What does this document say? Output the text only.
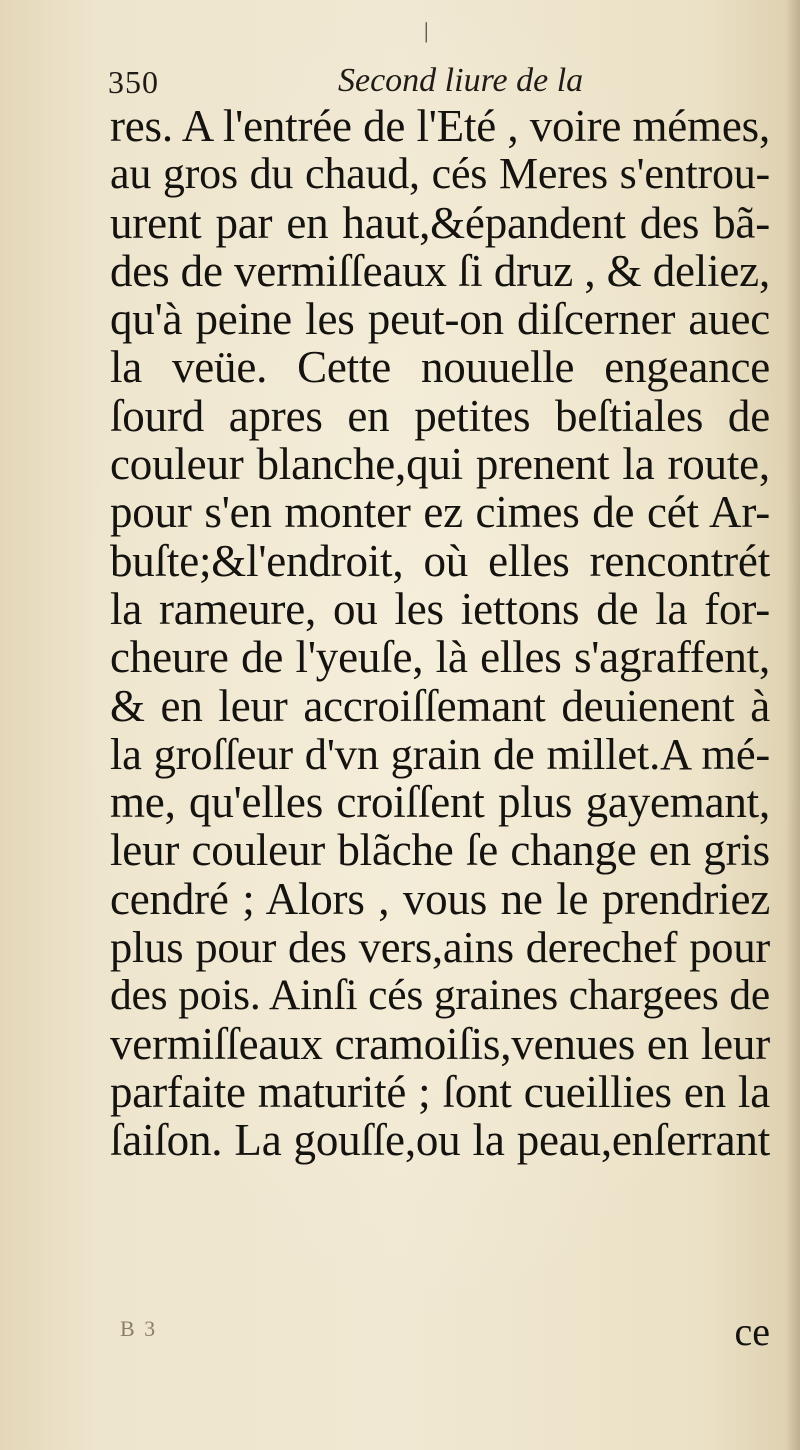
|
350	Second liure de la
res. A l'entrée de l'Eté , voire mémes,
au gros du chaud, cés Meres s'entrou-
urent par en haut,&épandent des bã-
des de vermiſſeaux ſi druz , & deliez,
qu'à peine les peut-on diſcerner auec
la veüe. Cette nouuelle engeance
ſourd apres en petites beſtiales de
couleur blanche,qui prenent la route,
pour s'en monter ez cimes de cét Ar-
buſte;&l'endroit, où elles rencontrét
la rameure, ou les iettons de la for-
cheure de l'yeuſe, là elles s'agraffent,
& en leur accroiſſemant deuienent à
la groſſeur d'vn grain de millet.A mé-
me, qu'elles croiſſent plus gayemant,
leur couleur blãche ſe change en gris
cendré ; Alors , vous ne le prendriez
plus pour des vers,ains derechef pour
des pois. Ainſi cés graines chargees de
vermiſſeaux cramoiſis,venues en leur
parfaite maturité ; ſont cueillies en la
ſaiſon. La gouſſe,ou la peau,enſerrant
B 3	ce
